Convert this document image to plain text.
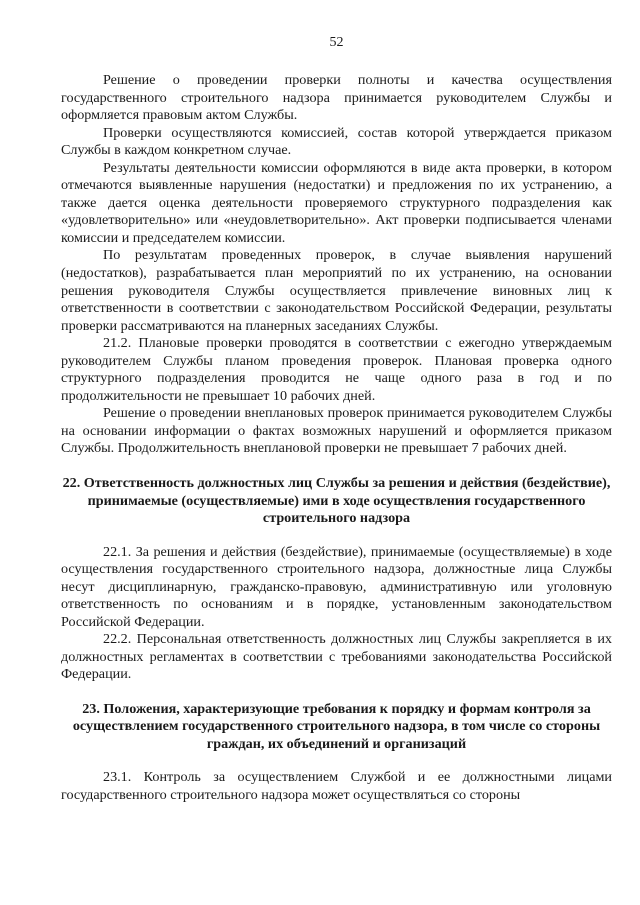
52

Решение о проведении проверки полноты и качества осуществления государственного строительного надзора принимается руководителем Службы и оформляется правовым актом Службы.

Проверки осуществляются комиссией, состав которой утверждается приказом Службы в каждом конкретном случае.

Результаты деятельности комиссии оформляются в виде акта проверки, в котором отмечаются выявленные нарушения (недостатки) и предложения по их устранению, а также дается оценка деятельности проверяемого структурного подразделения как «удовлетворительно» или «неудовлетворительно». Акт проверки подписывается членами комиссии и председателем комиссии.

По результатам проведенных проверок, в случае выявления нарушений (недостатков), разрабатывается план мероприятий по их устранению, на основании решения руководителя Службы осуществляется привлечение виновных лиц к ответственности в соответствии с законодательством Российской Федерации, результаты проверки рассматриваются на планерных заседаниях Службы.

21.2. Плановые проверки проводятся в соответствии с ежегодно утверждаемым руководителем Службы планом проведения проверок. Плановая проверка одного структурного подразделения проводится не чаще одного раза в год и по продолжительности не превышает 10 рабочих дней.

Решение о проведении внеплановых проверок принимается руководителем Службы на основании информации о фактах возможных нарушений и оформляется приказом Службы. Продолжительность внеплановой проверки не превышает 7 рабочих дней.

22. Ответственность должностных лиц Службы за решения и действия (бездействие), принимаемые (осуществляемые) ими в ходе осуществления государственного строительного надзора

22.1. За решения и действия (бездействие), принимаемые (осуществляемые) в ходе осуществления государственного строительного надзора, должностные лица Службы несут дисциплинарную, гражданско-правовую, административную или уголовную ответственность по основаниям и в порядке, установленным законодательством Российской Федерации.

22.2. Персональная ответственность должностных лиц Службы закрепляется в их должностных регламентах в соответствии с требованиями законодательства Российской Федерации.

23. Положения, характеризующие требования к порядку и формам контроля за осуществлением государственного строительного надзора, в том числе со стороны граждан, их объединений и организаций

23.1. Контроль за осуществлением Службой и ее должностными лицами государственного строительного надзора может осуществляться со стороны
